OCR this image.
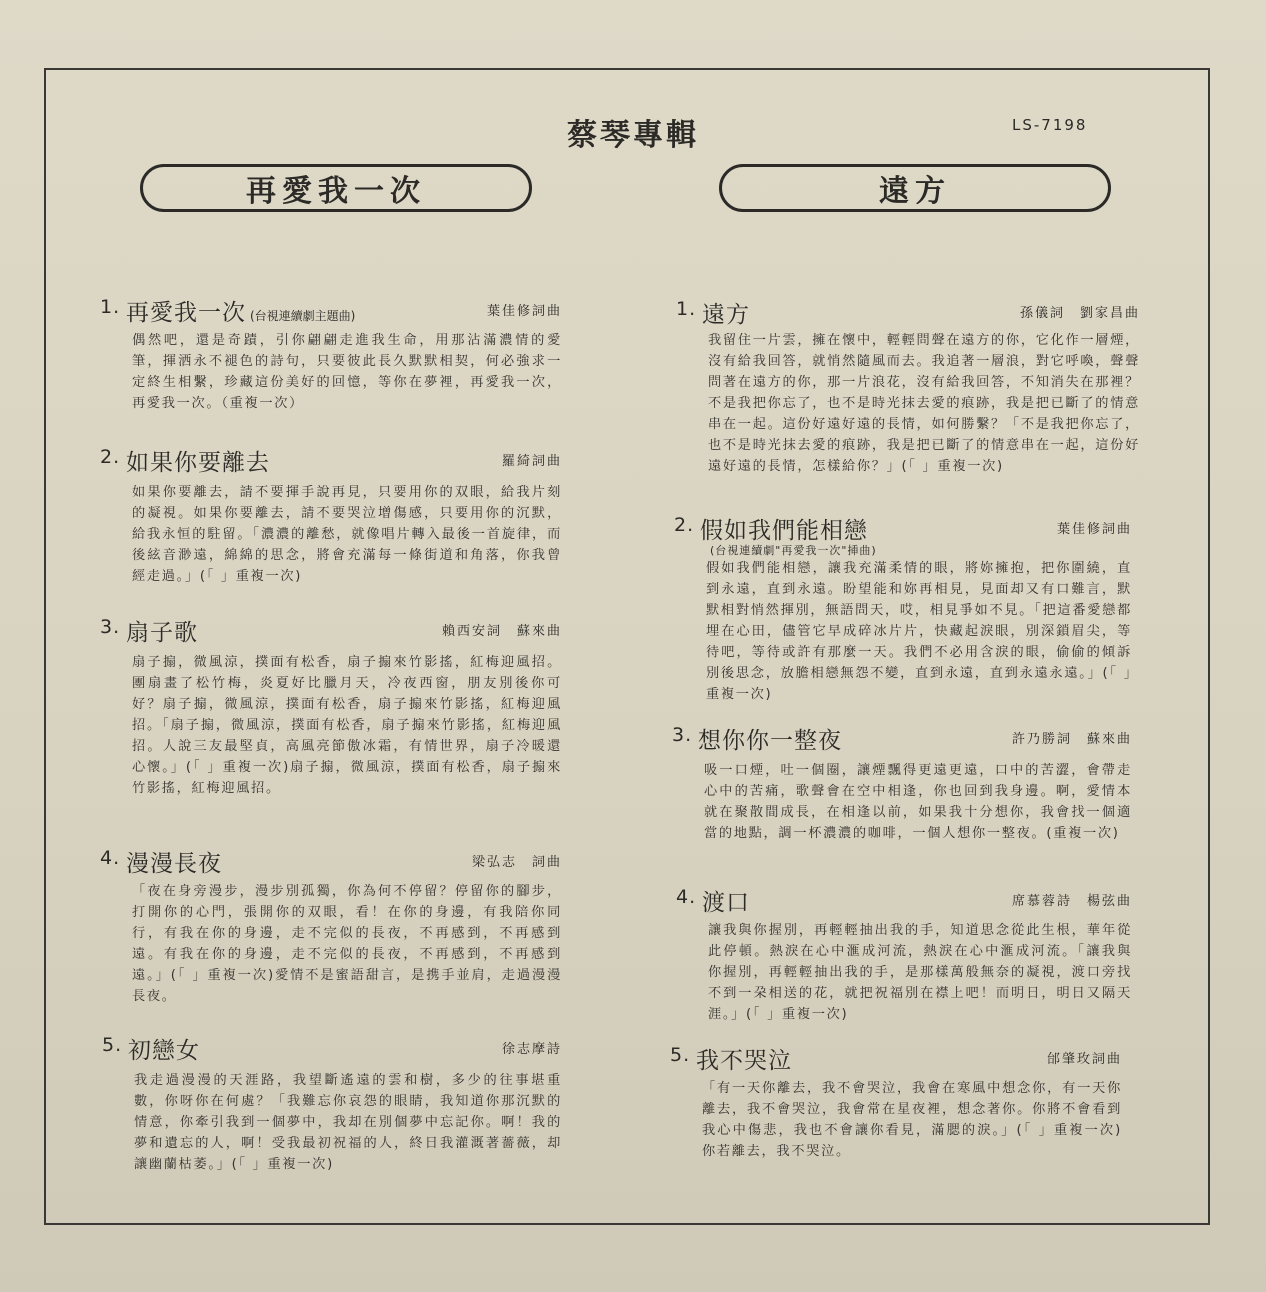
蔡琴專輯	LS-7198
再愛我一次	遠方
1. 再愛我一次 (台視連續劇主題曲)	葉佳修詞曲
偶然吧，還是奇蹟，引你翩翩走進我生命，用那沾滿濃情的愛筆，揮洒永不褪色的詩句，只要彼此長久默默相契，何必強求一定終生相繫，珍藏這份美好的回憶，等你在夢裡，再愛我一次，再愛我一次。（重複一次）
2. 如果你要離去	羅綺詞曲
如果你要離去，請不要揮手說再見，只要用你的双眼，給我片刻的凝視。如果你要離去，請不要哭泣增傷感，只要用你的沉默，給我永恒的駐留。「濃濃的離愁，就像唱片轉入最後一首旋律，而後絃音渺遠，綿綿的思念，將會充滿每一條街道和角落，你我曾經走過。」(「 」重複一次)
3. 扇子歌	賴西安詞　蘇來曲
扇子搧，微風涼，撲面有松香，扇子搧來竹影搖，紅梅迎風招。團扇畫了松竹梅，炎夏好比臘月天，冷夜西窗，朋友別後你可好？扇子搧，微風涼，撲面有松香，扇子搧來竹影搖，紅梅迎風招。「扇子搧，微風涼，撲面有松香，扇子搧來竹影搖，紅梅迎風招。人說三友最堅貞，高風亮節傲冰霜，有情世界，扇子冷暖還心懷。」(「 」重複一次)扇子搧，微風涼，撲面有松香，扇子搧來竹影搖，紅梅迎風招。
4. 漫漫長夜	梁弘志　詞曲
「夜在身旁漫步，漫步別孤獨，你為何不停留？停留你的腳步，打開你的心門，張開你的双眼，看！在你的身邊，有我陪你同行，有我在你的身邊，走不完似的長夜，不再感到，不再感到遠。有我在你的身邊，走不完似的長夜，不再感到，不再感到遠。」(「 」重複一次)愛情不是蜜語甜言，是携手並肩，走過漫漫長夜。
5. 初戀女	徐志摩詩
我走過漫漫的天涯路，我望斷遙遠的雲和樹，多少的往事堪重數，你呀你在何處？「我難忘你哀怨的眼睛，我知道你那沉默的情意，你牽引我到一個夢中，我却在別個夢中忘記你。啊！我的夢和遺忘的人，啊！受我最初祝福的人，終日我灌溉著薔薇，却讓幽蘭枯萎。」(「 」重複一次)
1. 遠方	孫儀詞　劉家昌曲
我留住一片雲，擁在懷中，輕輕問聲在遠方的你，它化作一層煙，沒有給我回答，就悄然隨風而去。我追著一層浪，對它呼喚，聲聲問著在遠方的你，那一片浪花，沒有給我回答，不知消失在那裡？不是我把你忘了，也不是時光抹去愛的痕跡，我是把已斷了的情意串在一起。這份好遠好遠的長情，如何勝繫？「不是我把你忘了，也不是時光抹去愛的痕跡，我是把已斷了的情意串在一起，這份好遠好遠的長情，怎樣給你？」(「 」重複一次)
2. 假如我們能相戀	葉佳修詞曲
(台視連續劇"再愛我一次"揷曲)
假如我們能相戀，讓我充滿柔情的眼，將妳擁抱，把你圍繞，直到永遠，直到永遠。盼望能和妳再相見，見面却又有口難言，默默相對悄然揮別，無語問天，哎，相見爭如不見。「把這番愛戀都埋在心田，儘管它早成碎冰片片，快藏起淚眼，別深鎖眉尖，等待吧，等待或許有那麼一天。我們不必用含淚的眼，偷偷的傾訴別後思念，放膽相戀無怨不變，直到永遠，直到永遠永遠。」(「 」重複一次)
3. 想你你一整夜	許乃勝詞　蘇來曲
吸一口煙，吐一個圈，讓煙飄得更遠更遠，口中的苦澀，會帶走心中的苦痛，歌聲會在空中相逢，你也回到我身邊。啊，愛情本就在聚散間成長，在相逢以前，如果我十分想你，我會找一個適當的地點，調一杯濃濃的咖啡，一個人想你一整夜。(重複一次)
4. 渡口	席慕蓉詩　楊弦曲
讓我與你握別，再輕輕抽出我的手，知道思念從此生根，華年從此停頓。熱淚在心中滙成河流，熱淚在心中滙成河流。「讓我與你握別，再輕輕抽出我的手，是那樣萬般無奈的凝視，渡口旁找不到一朶相送的花，就把祝福別在襟上吧！而明日，明日又隔天涯。」(「 」重複一次)
5. 我不哭泣	邰肇玫詞曲
「有一天你離去，我不會哭泣，我會在寒風中想念你，有一天你離去，我不會哭泣，我會常在星夜裡，想念著你。你將不會看到我心中傷悲，我也不會讓你看見，滿腮的淚。」(「 」重複一次)你若離去，我不哭泣。
